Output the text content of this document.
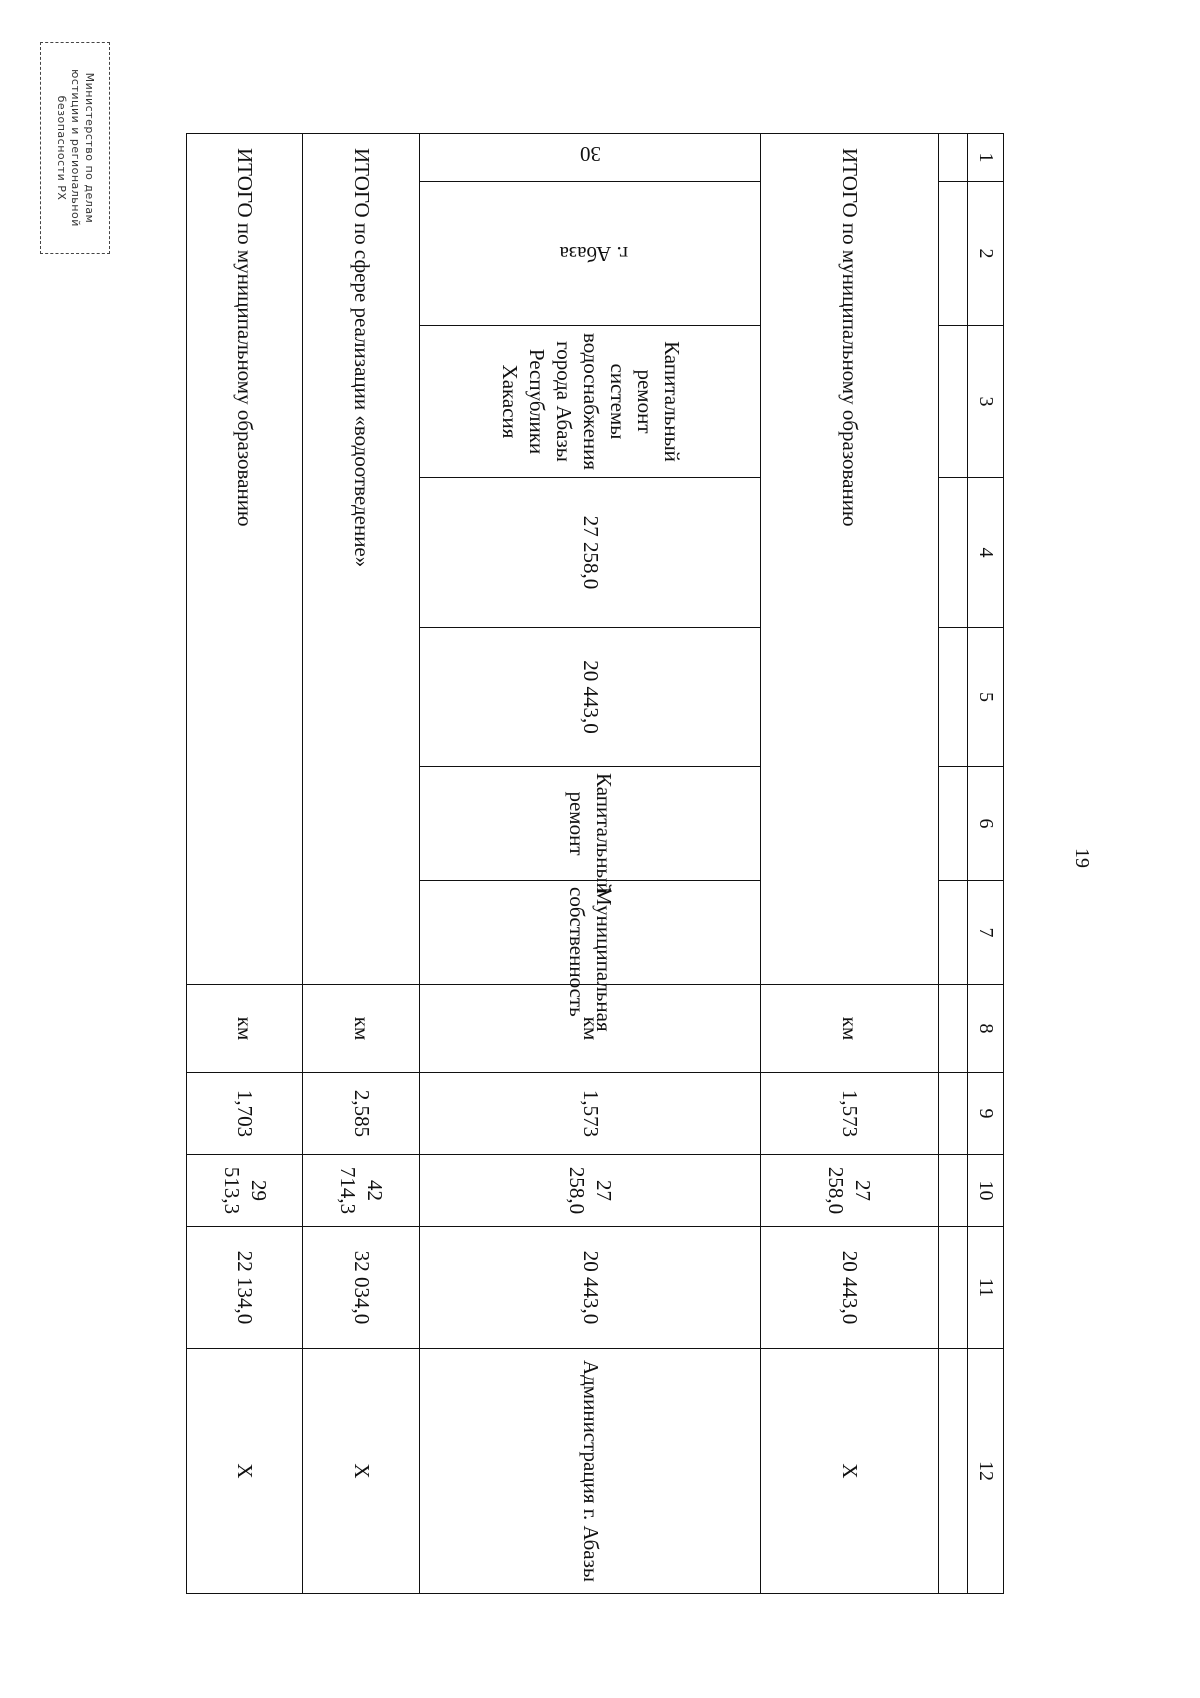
Министерство по делам юстиции и региональной безопасности РХ
19
1	2	3	4	5	6	7	8	9	10	11	12

ИТОГО по муниципальному образованию							км	1,573	27 258,0	20 443,0	Х

30	г. Абаза	Капитальный ремонт системы водоснабжения города Абазы Республики Хакасия	27 258,0	20 443,0	Капитальный ремонт	Муниципальная собственность	км	1,573	27 258,0	20 443,0	Администрация г. Абазы
ИТОГО по сфере реализации «водоотведение»							км	2,585	42 714,3	32 034,0	Х
ИТОГО по муниципальному образованию							км	1,703	29 513,3	22 134,0	Х
